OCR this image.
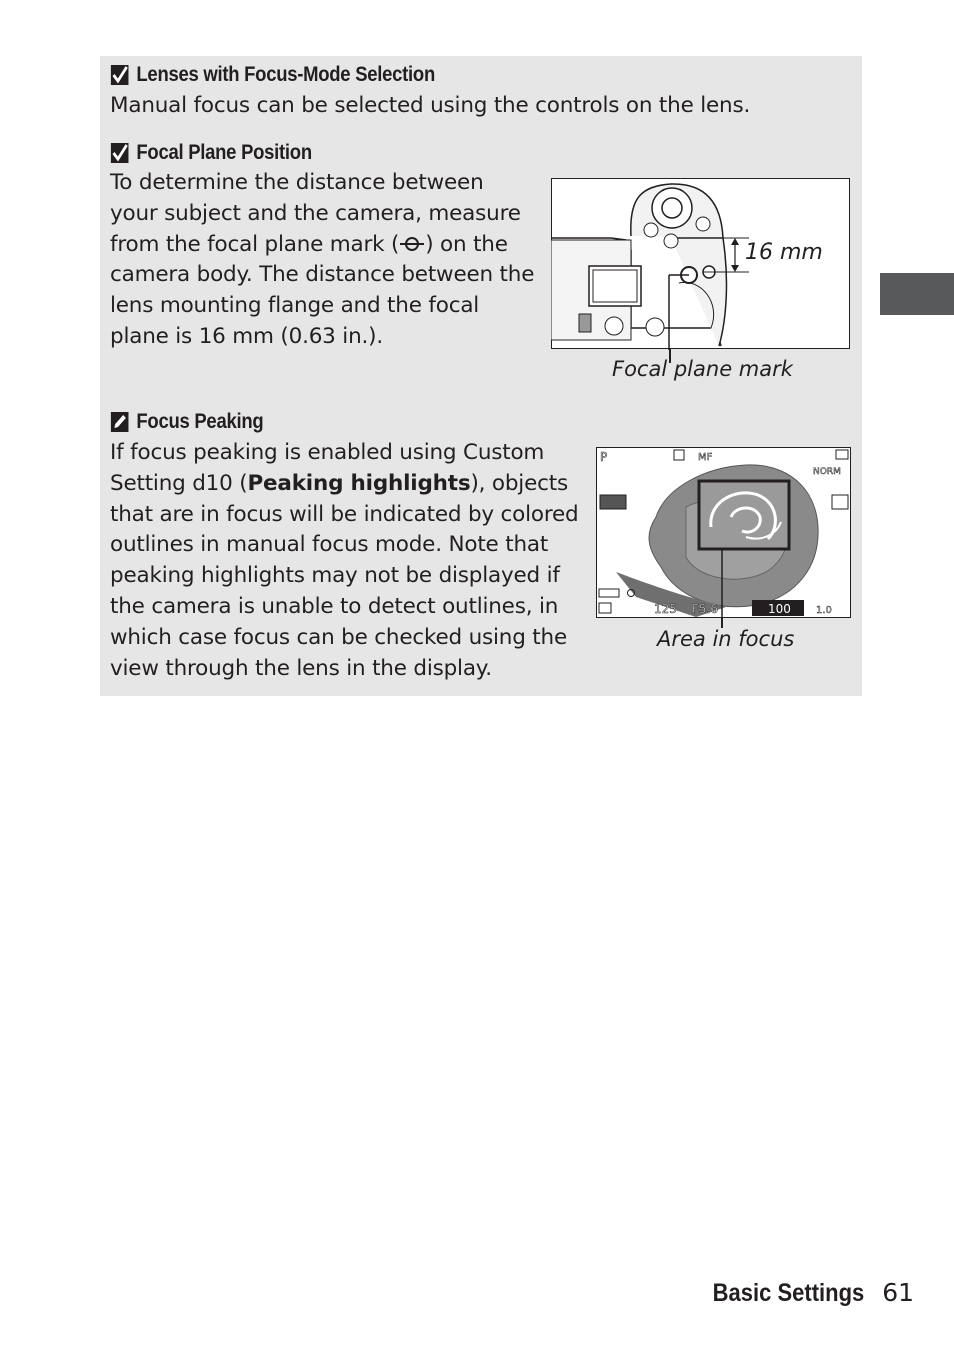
Lenses with Focus-Mode Selection
Manual focus can be selected using the controls on the lens.
Focal Plane Position
To determine the distance between
your subject and the camera, measure
from the focal plane mark ( ) on the
camera body. The distance between the
lens mounting flange and the focal
plane is 16 mm (0.63 in.).
16 mm
Focal plane mark
Focus Peaking
If focus peaking is enabled using Custom
Setting d10 (Peaking highlights), objects
that are in focus will be indicated by colored
outlines in manual focus mode. Note that
peaking highlights may not be displayed if
the camera is unable to detect outlines, in
which case focus can be checked using the
view through the lens in the display.
P	MF
NORM
125 F5.6	100	1.0
Area in focus
Basic Settings 61
